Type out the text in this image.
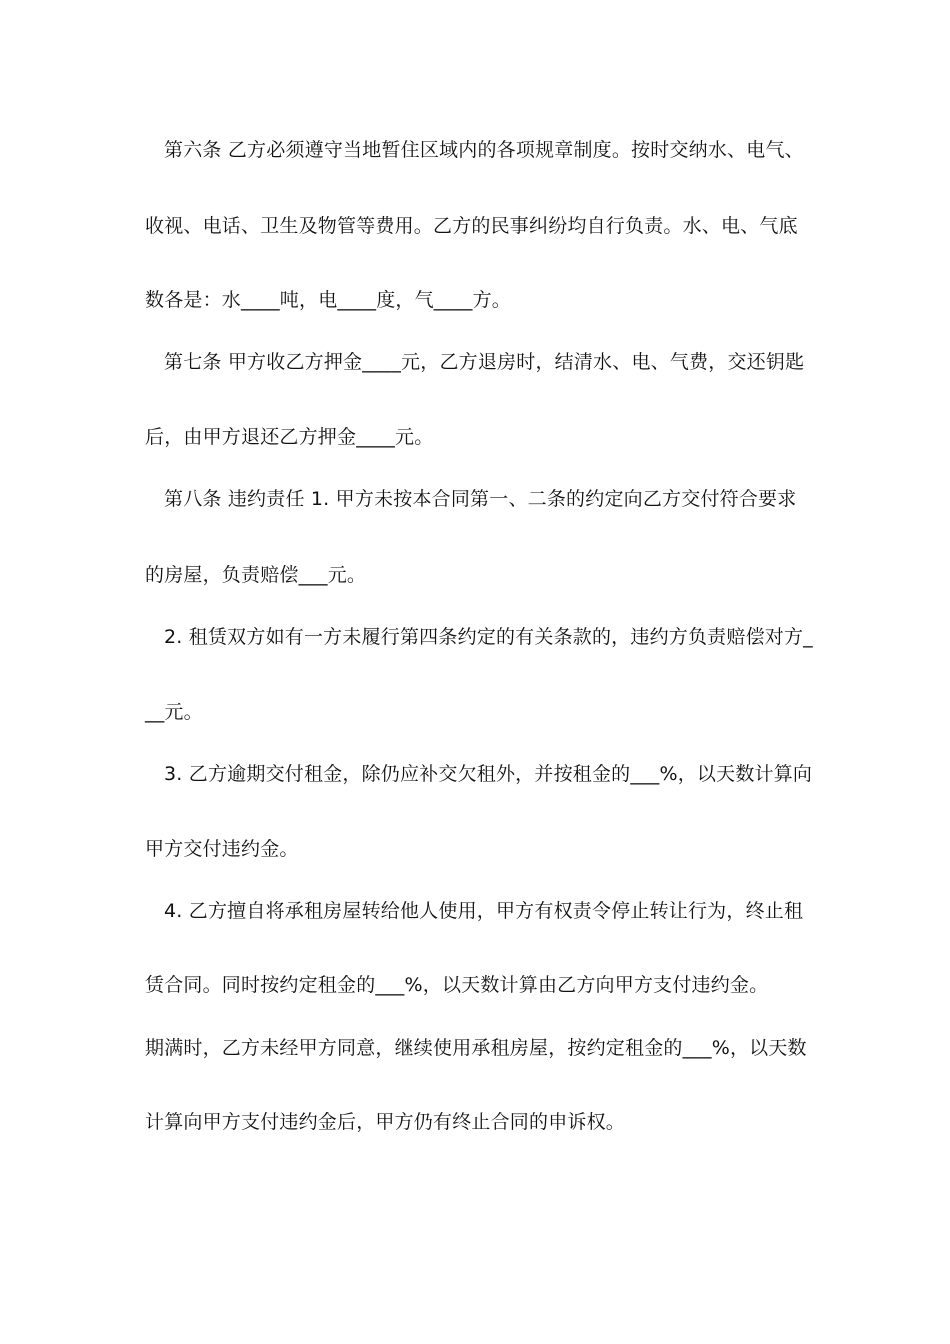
第六条 乙方必须遵守当地暂住区域内的各项规章制度。按时交纳水、电气、
收视、电话、卫生及物管等费用。乙方的民事纠纷均自行负责。水、电、气底
数各是：水____吨，电____度，气____方。
第七条 甲方收乙方押金____元，乙方退房时，结清水、电、气费，交还钥匙
后，由甲方退还乙方押金____元。
第八条 违约责任 1. 甲方未按本合同第一、二条的约定向乙方交付符合要求
的房屋，负责赔偿___元。
2. 租赁双方如有一方未履行第四条约定的有关条款的，违约方负责赔偿对方_
__元。
3. 乙方逾期交付租金，除仍应补交欠租外，并按租金的___%，以天数计算向
甲方交付违约金。
4. 乙方擅自将承租房屋转给他人使用，甲方有权责令停止转让行为，终止租
赁合同。同时按约定租金的___%，以天数计算由乙方向甲方支付违约金。
期满时，乙方未经甲方同意，继续使用承租房屋，按约定租金的___%，以天数
计算向甲方支付违约金后，甲方仍有终止合同的申诉权。
